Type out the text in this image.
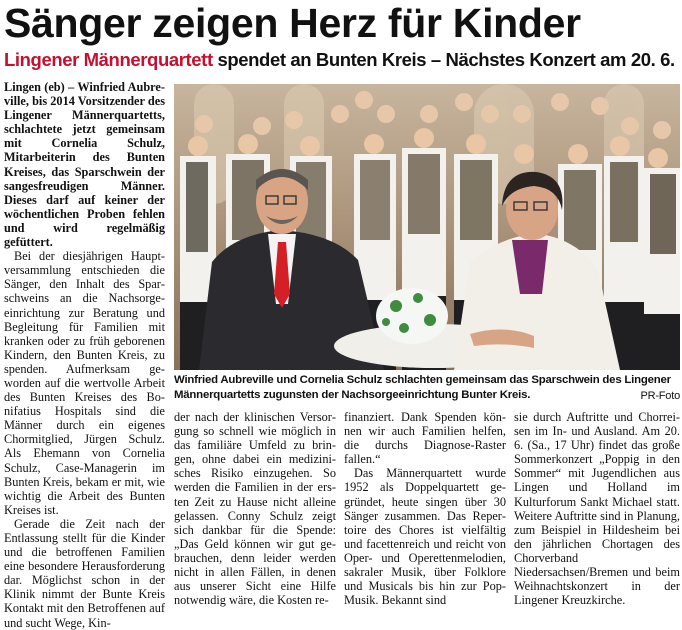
Sänger zeigen Herz für Kinder
Lingener Männerquartett spendet an Bunten Kreis – Nächstes Konzert am 20. 6.

Lingen (eb) – Winfried Aubreville, bis 2014 Vorsitzender des Lingener Männerquartetts, schlachtete jetzt gemeinsam mit Cornelia Schulz, Mitarbeiterin des Bunten Kreises, das Sparschwein der sangesfreudigen Männer. Dieses darf auf keiner der wöchentlichen Proben fehlen und wird regelmäßig gefüttert.

Bei der diesjährigen Hauptversammlung entschieden die Sänger, den Inhalt des Sparschweins an die Nachsorgeeinrichtung zur Beratung und Begleitung für Familien mit kranken oder zu früh geborenen Kindern, den Bunten Kreis, zu spenden. Aufmerksam geworden auf die wertvolle Arbeit des Bunten Kreises des Bonifatius Hospitals sind die Männer durch ein eigenes Chormitglied, Jürgen Schulz. Als Ehemann von Cornelia Schulz, Case-Managerin im Bunten Kreis, bekam er mit, wie wichtig die Arbeit des Bunten Kreises ist.

Gerade die Zeit nach der Entlassung stellt für die Kinder und die betroffenen Familien eine besondere Herausforderung dar. Möglichst schon in der Klinik nimmt der Bunte Kreis Kontakt mit den Betroffenen auf und sucht Wege, Kin-

Winfried Aubreville und Cornelia Schulz schlachten gemeinsam das Sparschwein des Lingener Männerquartetts zugunsten der Nachsorgeeinrichtung Bunter Kreis.	PR-Foto

der nach der klinischen Versorgung so schnell wie möglich in das familiäre Umfeld zu bringen, ohne dabei ein medizinisches Risiko einzugehen. So werden die Familien in der ersten Zeit zu Hause nicht alleine gelassen. Conny Schulz zeigt sich dankbar für die Spende: „Das Geld können wir gut gebrauchen, denn leider werden nicht in allen Fällen, in denen aus unserer Sicht eine Hilfe notwendig wäre, die Kosten re-

finanziert. Dank Spenden können wir auch Familien helfen, die durchs Diagnose-Raster fallen.“

Das Männerquartett wurde 1952 als Doppelquartett gegründet, heute singen über 30 Sänger zusammen. Das Repertoire des Chores ist vielfältig und facettenreich und reicht von Oper- und Operettenmelodien, sakraler Musik, über Folklore und Musicals bis hin zur Pop-Musik. Bekannt sind

sie durch Auftritte und Chorreisen im In- und Ausland. Am 20. 6. (Sa., 17 Uhr) findet das große Sommerkonzert „Poppig in den Sommer“ mit Jugendlichen aus Lingen und Holland im Kulturforum Sankt Michael statt. Weitere Auftritte sind in Planung, zum Beispiel in Hildesheim bei den jährlichen Chortagen des Chorverband Niedersachsen/Bremen und beim Weihnachtskonzert in der Lingener Kreuzkirche.
